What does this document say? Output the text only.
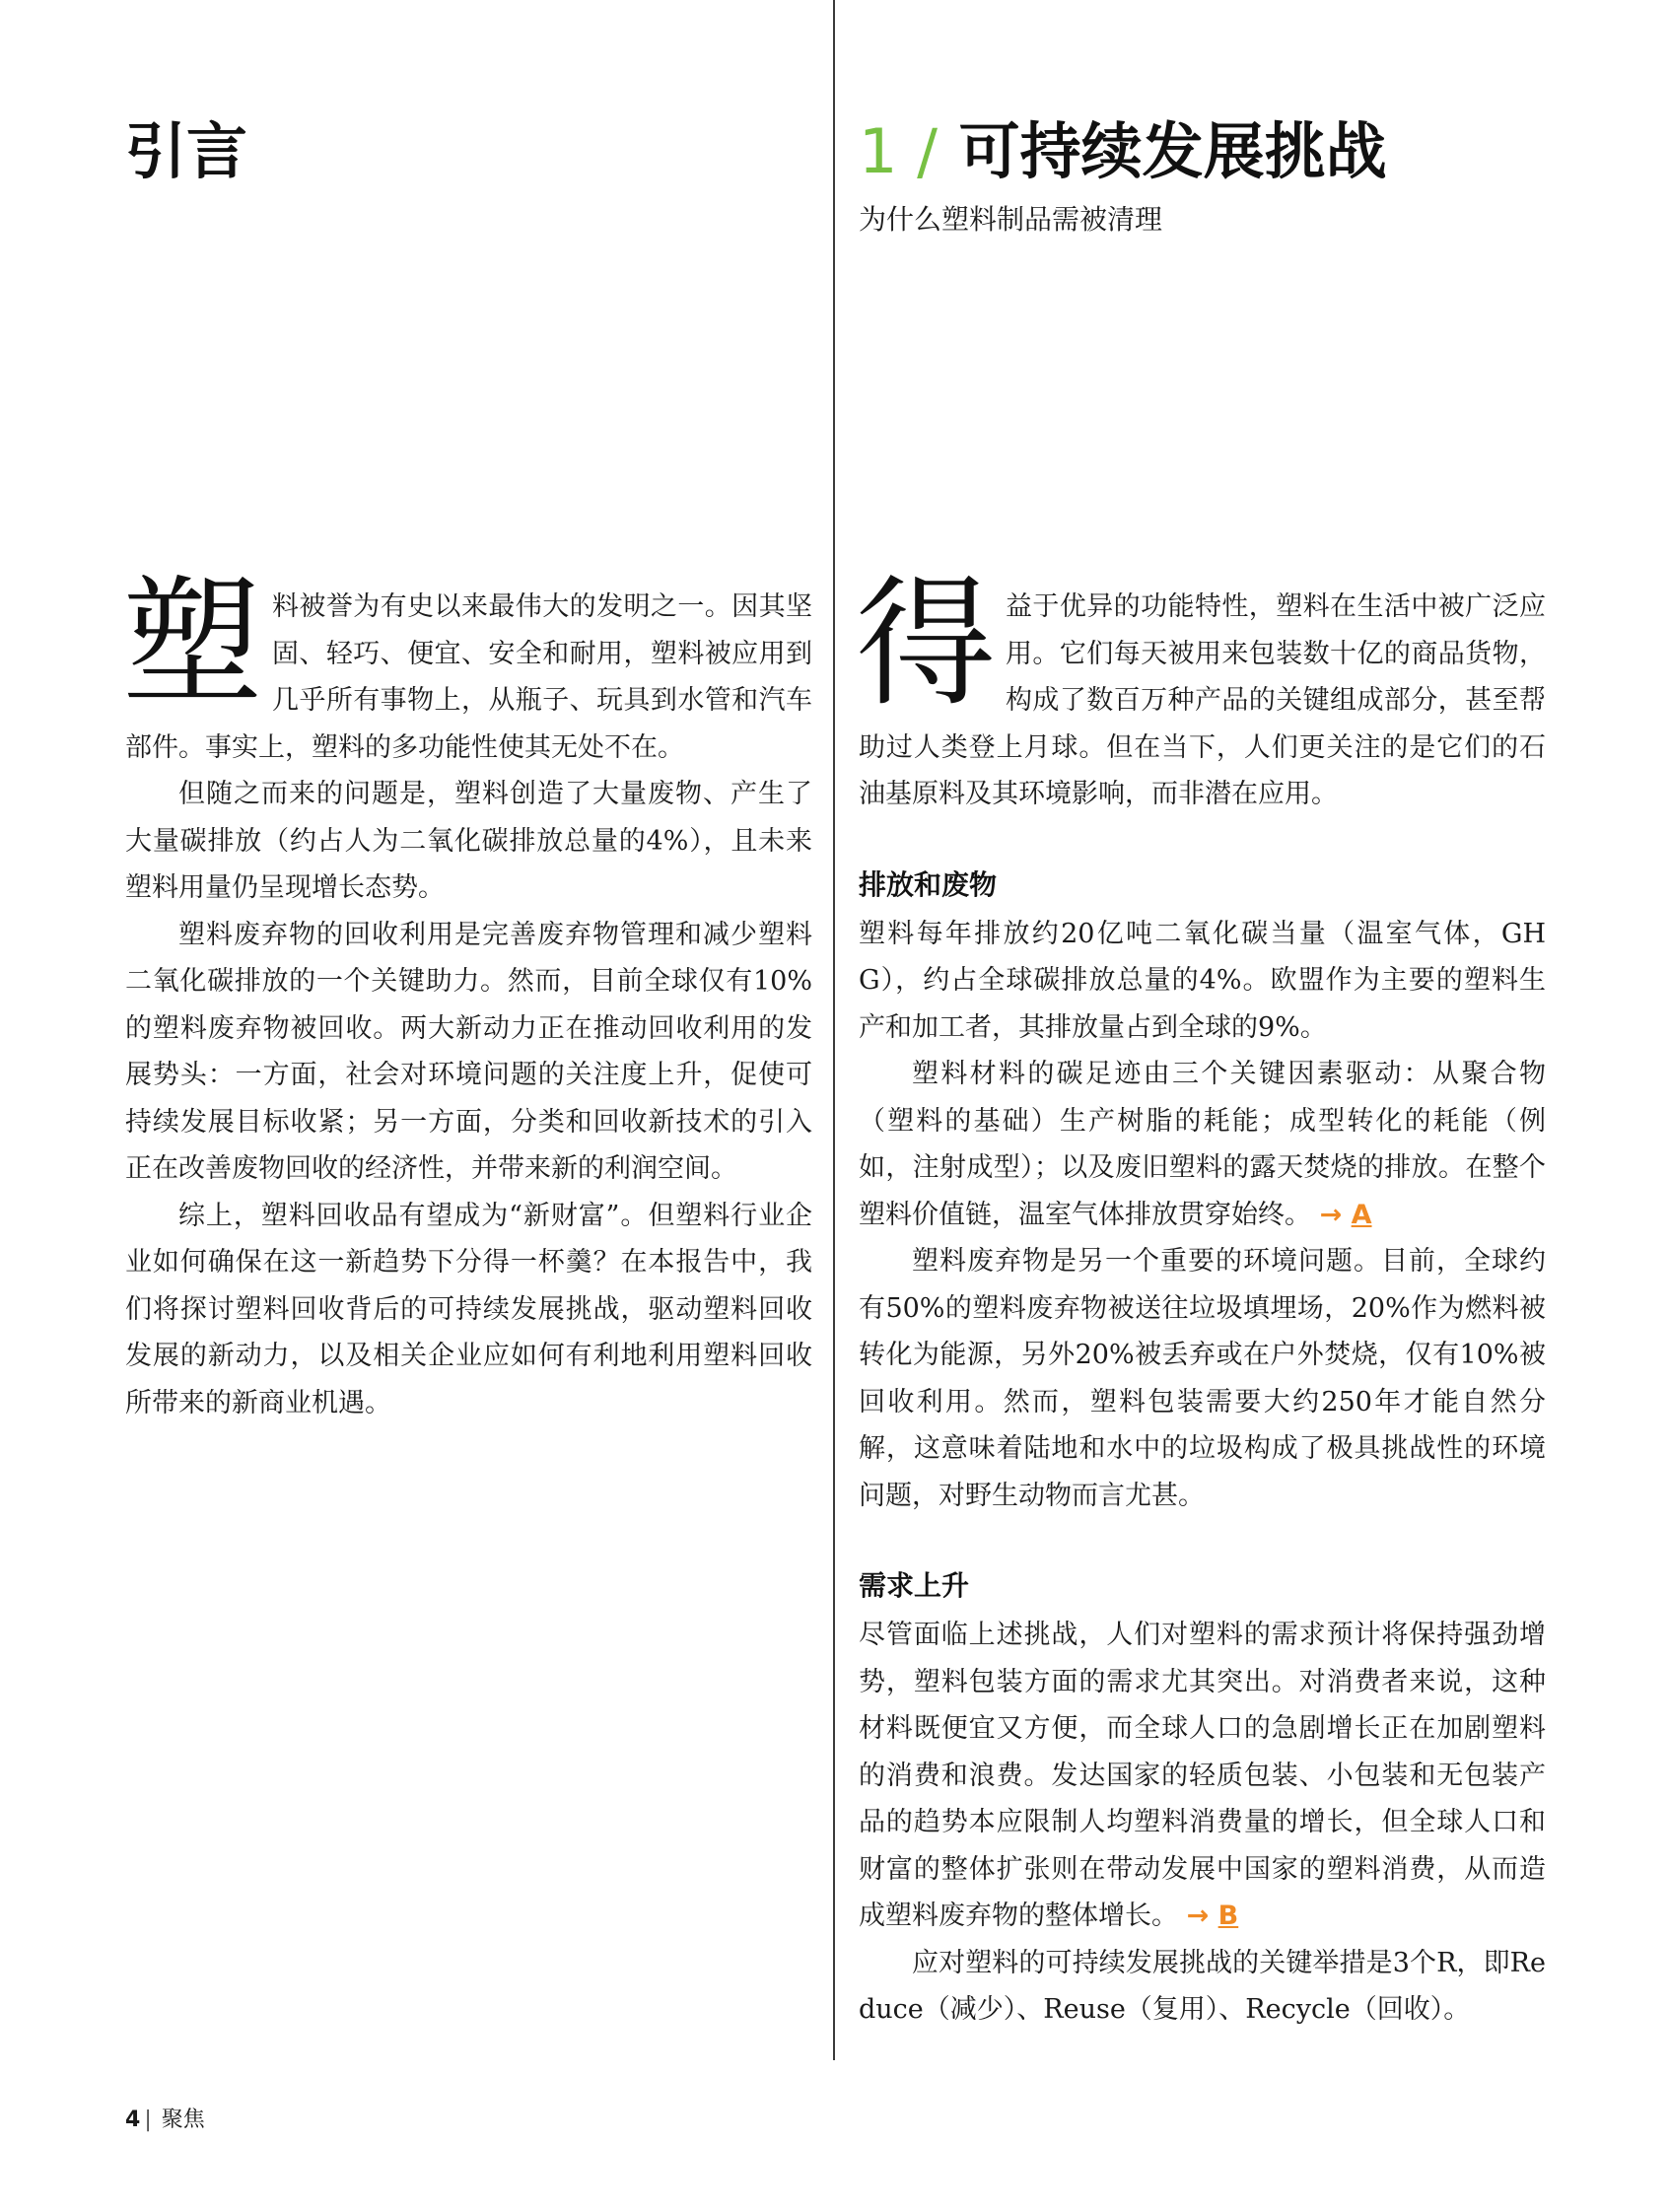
引言

塑料被誉为有史以来最伟大的发明之一。因其坚固、轻巧、便宜、安全和耐用，塑料被应用到几乎所有事物上，从瓶子、玩具到水管和汽车部件。事实上，塑料的多功能性使其无处不在。

但随之而来的问题是，塑料创造了大量废物、产生了大量碳排放（约占人为二氧化碳排放总量的4%），且未来塑料用量仍呈现增长态势。

塑料废弃物的回收利用是完善废弃物管理和减少塑料二氧化碳排放的一个关键助力。然而，目前全球仅有10%的塑料废弃物被回收。两大新动力正在推动回收利用的发展势头：一方面，社会对环境问题的关注度上升，促使可持续发展目标收紧；另一方面，分类和回收新技术的引入正在改善废物回收的经济性，并带来新的利润空间。

综上，塑料回收品有望成为“新财富”。但塑料行业企业如何确保在这一新趋势下分得一杯羹？在本报告中，我们将探讨塑料回收背后的可持续发展挑战，驱动塑料回收发展的新动力，以及相关企业应如何有利地利用塑料回收所带来的新商业机遇。

1 / 可持续发展挑战

为什么塑料制品需被清理

得益于优异的功能特性，塑料在生活中被广泛应用。它们每天被用来包装数十亿的商品货物，构成了数百万种产品的关键组成部分，甚至帮助过人类登上月球。但在当下，人们更关注的是它们的石油基原料及其环境影响，而非潜在应用。

排放和废物

塑料每年排放约20亿吨二氧化碳当量（温室气体，GHG），约占全球碳排放总量的4%。欧盟作为主要的塑料生产和加工者，其排放量占到全球的9%。

塑料材料的碳足迹由三个关键因素驱动：从聚合物（塑料的基础）生产树脂的耗能；成型转化的耗能（例如，注射成型）；以及废旧塑料的露天焚烧的排放。在整个塑料价值链，温室气体排放贯穿始终。 → A

塑料废弃物是另一个重要的环境问题。目前，全球约有50%的塑料废弃物被送往垃圾填埋场，20%作为燃料被转化为能源，另外20%被丢弃或在户外焚烧，仅有10%被回收利用。然而，塑料包装需要大约250年才能自然分解，这意味着陆地和水中的垃圾构成了极具挑战性的环境问题，对野生动物而言尤甚。

需求上升

尽管面临上述挑战，人们对塑料的需求预计将保持强劲增势，塑料包装方面的需求尤其突出。对消费者来说，这种材料既便宜又方便，而全球人口的急剧增长正在加剧塑料的消费和浪费。发达国家的轻质包装、小包装和无包装产品的趋势本应限制人均塑料消费量的增长，但全球人口和财富的整体扩张则在带动发展中国家的塑料消费，从而造成塑料废弃物的整体增长。 → B

应对塑料的可持续发展挑战的关键举措是3个R，即Reduce（减少）、Reuse（复用）、Recycle（回收）。

4 | 聚焦
